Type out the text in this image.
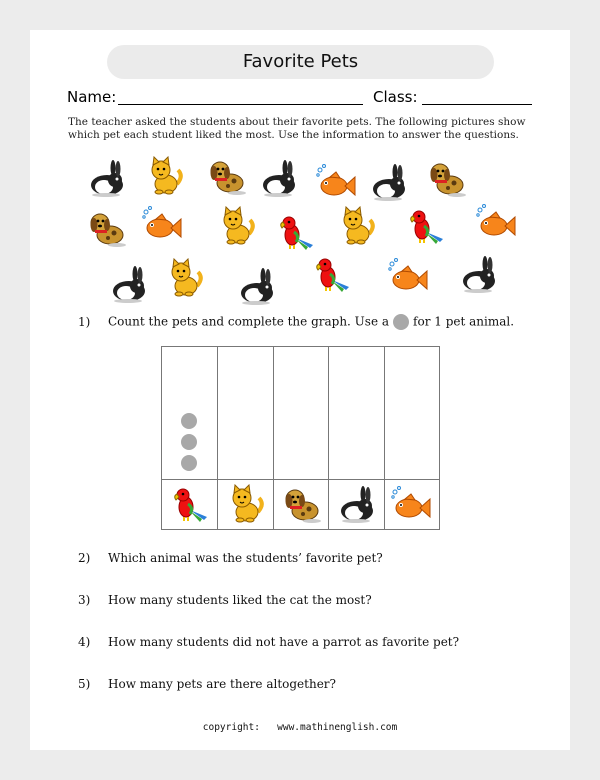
Favorite Pets
Name:	Class:
The teacher asked the students about their favorite pets. The following pictures show which pet each student liked the most. Use the information to answer the questions.
1) Count the pets and complete the graph. Use a for 1 pet animal.
2) Which animal was the students’ favorite pet?
3) How many students liked the cat the most?
4) How many students did not have a parrot as favorite pet?
5) How many pets are there altogether?
copyright: www.mathinenglish.com
